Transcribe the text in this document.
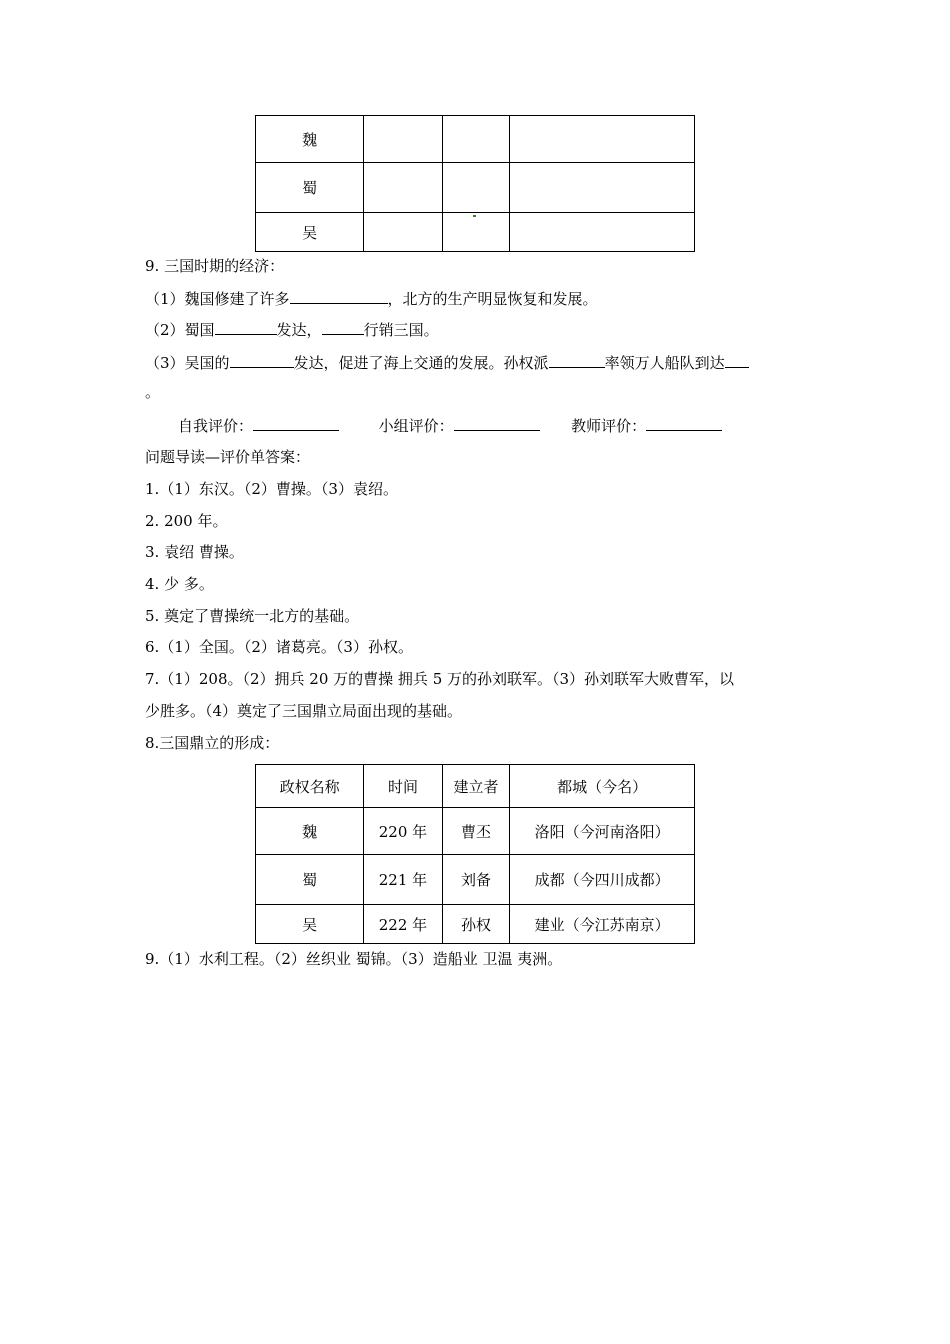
魏			
蜀			
吴			
9. 三国时期的经济：
（1）魏国修建了许多	，北方的生产明显恢复和发展。
（2）蜀国	发达，	行销三国。
（3）吴国的	发达，促进了海上交通的发展。孙权派	率领万人船队到达
。
自我评价：	小组评价：	教师评价：
问题导读—评价单答案：
1.（1）东汉。（2）曹操。（3）袁绍。
2. 200 年。
3. 袁绍 曹操。
4. 少 多。
5. 奠定了曹操统一北方的基础。
6.（1）全国。（2）诸葛亮。（3）孙权。
7.（1）208。（2）拥兵 20 万的曹操 拥兵 5 万的孙刘联军。（3）孙刘联军大败曹军，以
少胜多。（4）奠定了三国鼎立局面出现的基础。
8.三国鼎立的形成：
政权名称	时间	建立者	都城（今名）
魏	220 年	曹丕	洛阳（今河南洛阳）
蜀	221 年	刘备	成都（今四川成都）
吴	222 年	孙权	建业（今江苏南京）
9.（1）水利工程。（2）丝织业 蜀锦。（3）造船业 卫温 夷洲。
